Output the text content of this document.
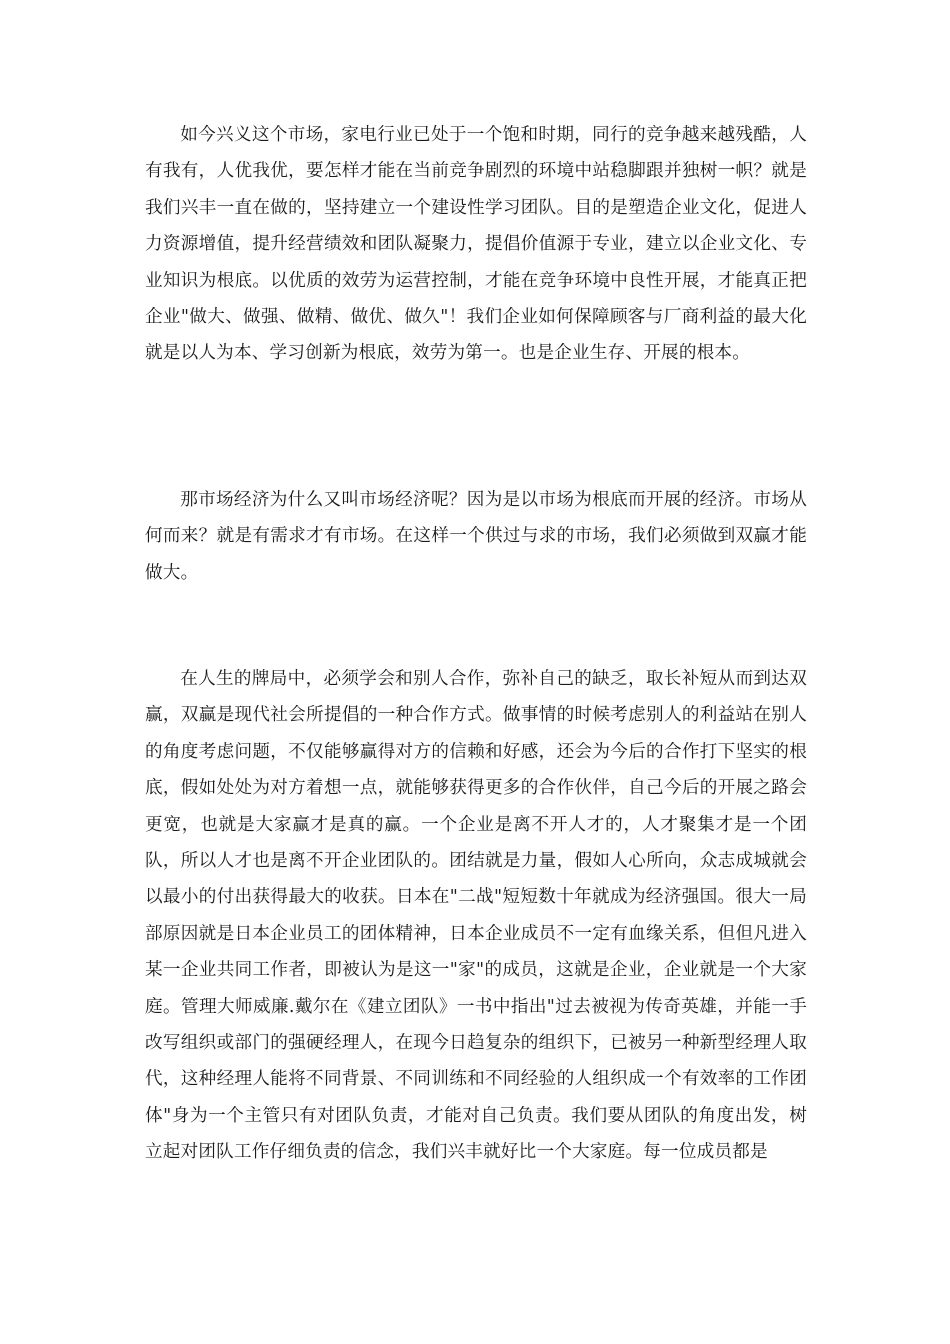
如今兴义这个市场，家电行业已处于一个饱和时期，同行的竞争越来越残酷，人有我有，人优我优，要怎样才能在当前竞争剧烈的环境中站稳脚跟并独树一帜？就是我们兴丰一直在做的，坚持建立一个建设性学习团队。目的是塑造企业文化，促进人力资源增值，提升经营绩效和团队凝聚力，提倡价值源于专业，建立以企业文化、专业知识为根底。以优质的效劳为运营控制，才能在竞争环境中良性开展，才能真正把企业"做大、做强、做精、做优、做久"！我们企业如何保障顾客与厂商利益的最大化就是以人为本、学习创新为根底，效劳为第一。也是企业生存、开展的根本。

那市场经济为什么又叫市场经济呢？因为是以市场为根底而开展的经济。市场从何而来？就是有需求才有市场。在这样一个供过与求的市场，我们必须做到双赢才能做大。

在人生的牌局中，必须学会和别人合作，弥补自己的缺乏，取长补短从而到达双赢，双赢是现代社会所提倡的一种合作方式。做事情的时候考虑别人的利益站在别人的角度考虑问题，不仅能够赢得对方的信赖和好感，还会为今后的合作打下坚实的根底，假如处处为对方着想一点，就能够获得更多的合作伙伴，自己今后的开展之路会更宽，也就是大家赢才是真的赢。一个企业是离不开人才的，人才聚集才是一个团队，所以人才也是离不开企业团队的。团结就是力量，假如人心所向，众志成城就会以最小的付出获得最大的收获。日本在"二战"短短数十年就成为经济强国。很大一局部原因就是日本企业员工的团体精神，日本企业成员不一定有血缘关系，但但凡进入某一企业共同工作者，即被认为是这一"家"的成员，这就是企业，企业就是一个大家庭。管理大师威廉.戴尔在《建立团队》一书中指出"过去被视为传奇英雄，并能一手改写组织或部门的强硬经理人，在现今日趋复杂的组织下，已被另一种新型经理人取代，这种经理人能将不同背景、不同训练和不同经验的人组织成一个有效率的工作团体"身为一个主管只有对团队负责，才能对自己负责。我们要从团队的角度出发，树立起对团队工作仔细负责的信念，我们兴丰就好比一个大家庭。每一位成员都是
